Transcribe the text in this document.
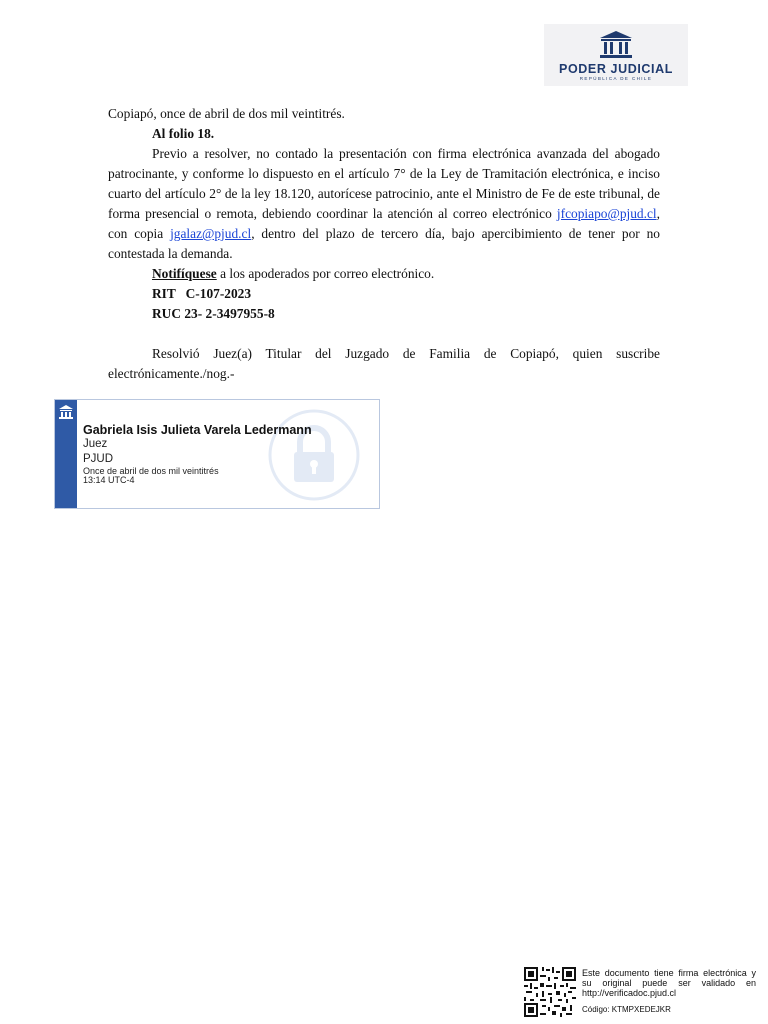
PODER JUDICIAL
REPÚBLICA DE CHILE

Copiapó, once de abril de dos mil veintitrés.

Al folio 18.

Previo a resolver, no contado la presentación con firma electrónica avanzada del abogado patrocinante, y conforme lo dispuesto en el artículo 7° de la Ley de Tramitación electrónica, e inciso cuarto del artículo 2° de la ley 18.120, autorícese patrocinio, ante el Ministro de Fe de este tribunal, de forma presencial o remota, debiendo coordinar la atención al correo electrónico jfcopiapo@pjud.cl, con copia jgalaz@pjud.cl, dentro del plazo de tercero día, bajo apercibimiento de tener por no contestada la demanda.

Notifíquese a los apoderados por correo electrónico.

RIT   C-107-2023

RUC 23- 2-3497955-8

Resolvió Juez(a) Titular del Juzgado de Familia de Copiapó, quien suscribe electrónicamente./nog.-

Gabriela Isis Julieta Varela Ledermann
Juez
PJUD
Once de abril de dos mil veintitrés
13:14 UTC-4
Este documento tiene firma electrónica y su original puede ser validado en http://verificadoc.pjud.cl
Código: KTMPXEDEJKR
